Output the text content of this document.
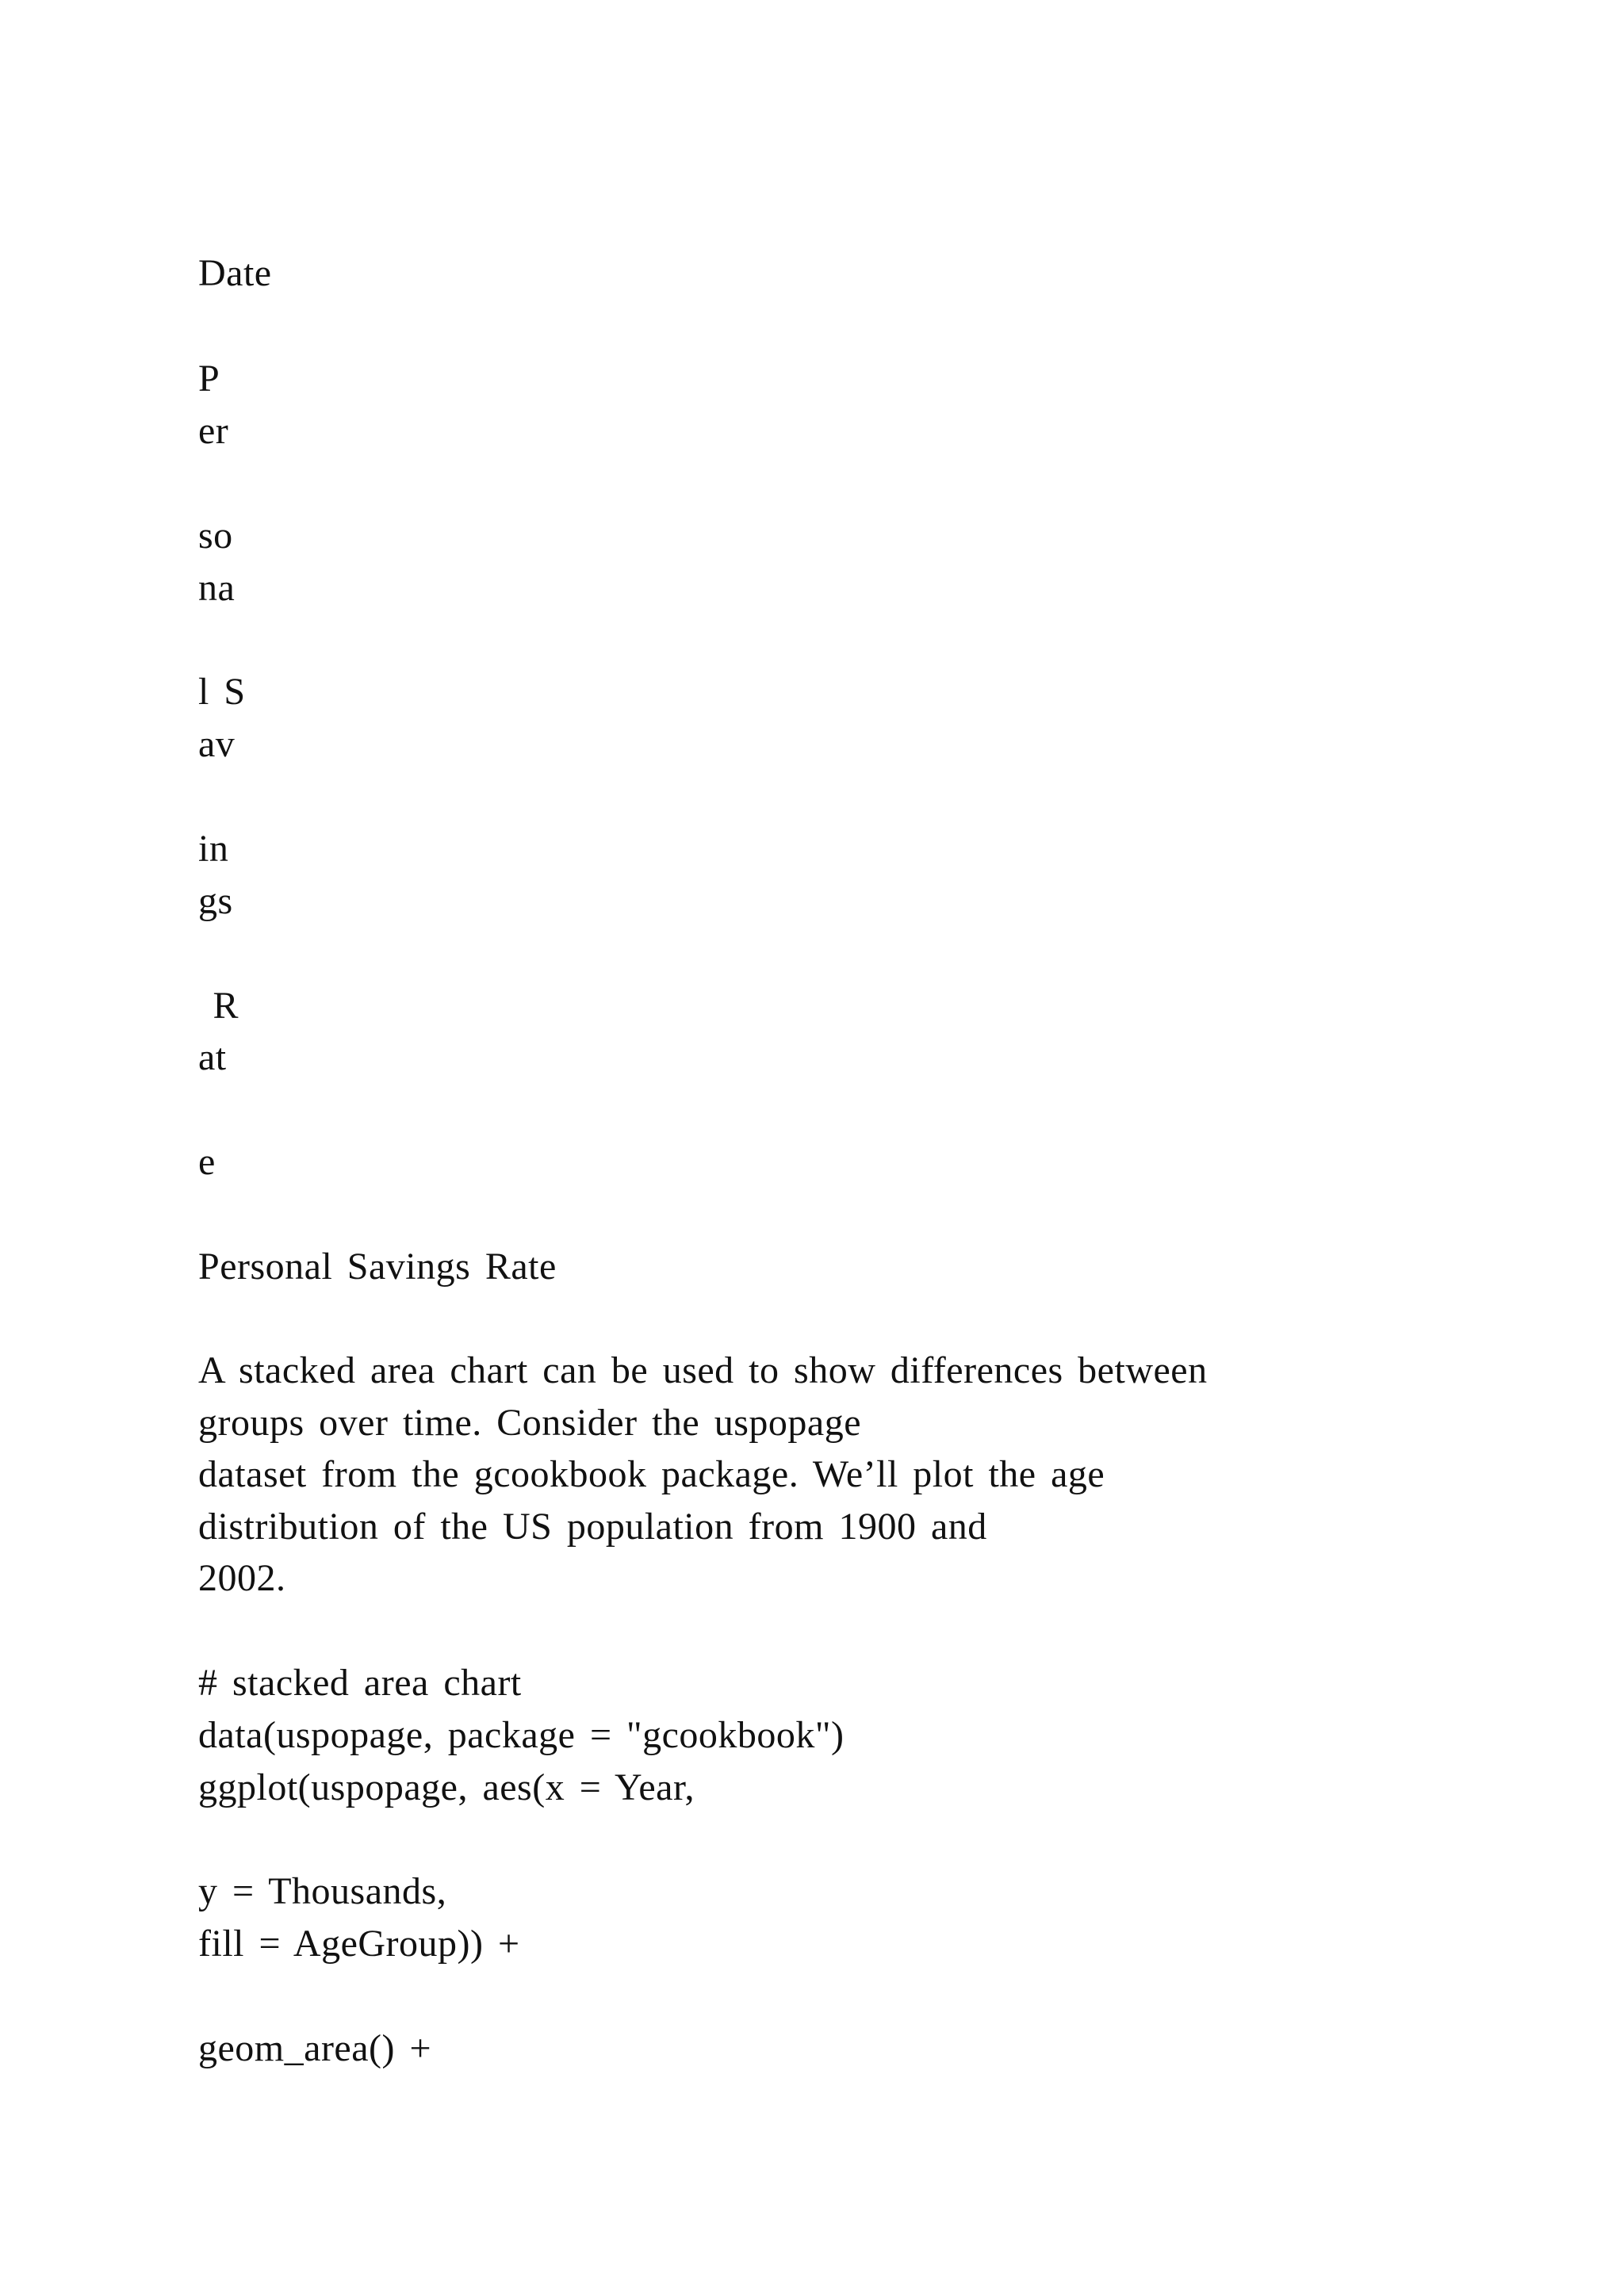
Date
P
er
so
na
l S
av
in
gs
R
at
e
Personal Savings Rate
A stacked area chart can be used to show differences between
groups over time. Consider the uspopage
dataset from the gcookbook package. We’ll plot the age
distribution of the US population from 1900 and
2002.
# stacked area chart
data(uspopage, package = "gcookbook")
ggplot(uspopage, aes(x = Year,
y = Thousands,
fill = AgeGroup)) +
geom_area() +
